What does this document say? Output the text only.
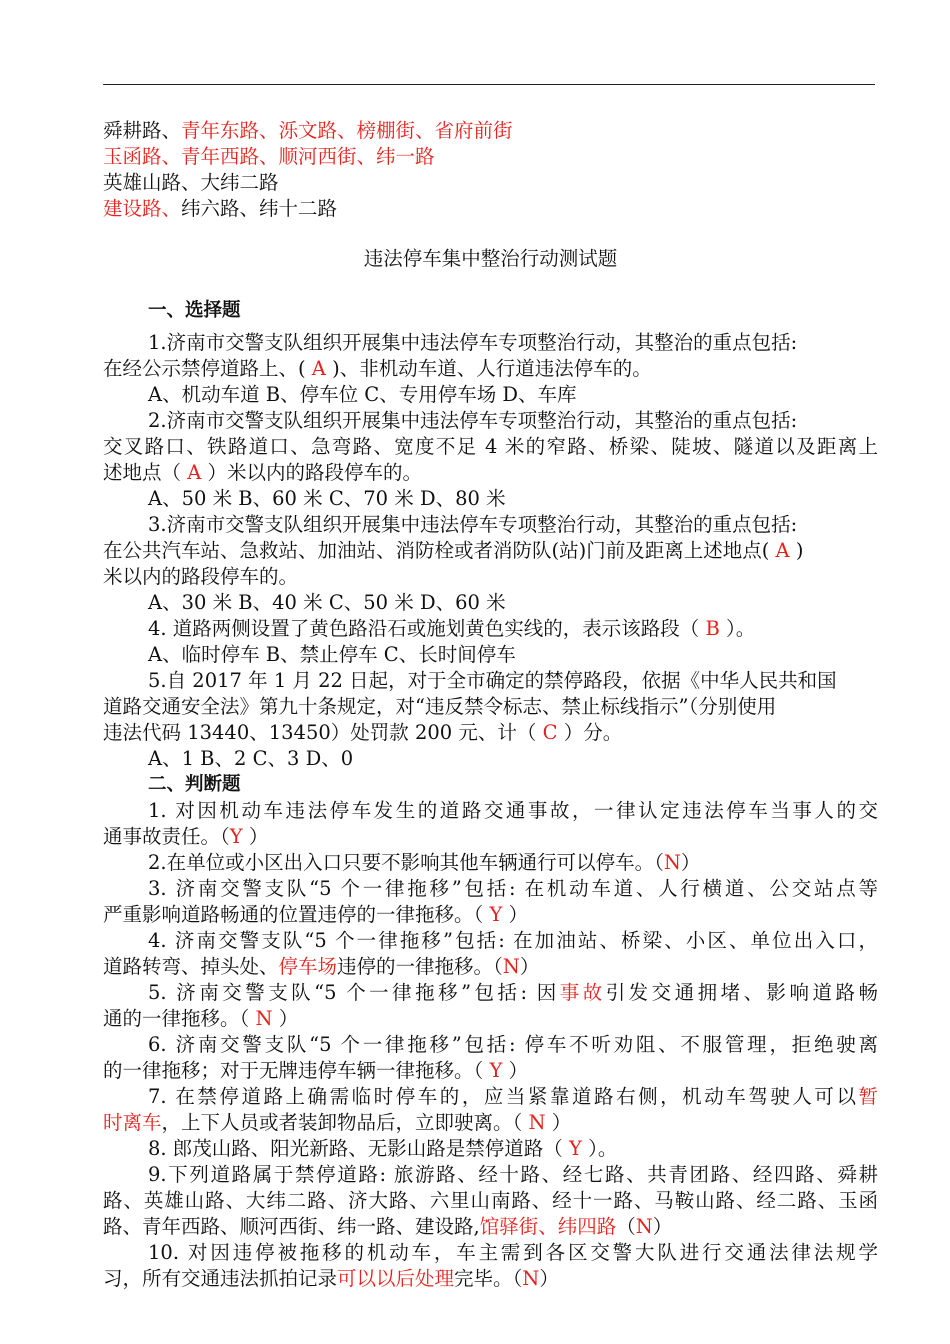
舜耕路、青年东路、泺文路、榜棚街、省府前街
玉函路、青年西路、顺河西街、纬一路
英雄山路、大纬二路
建设路、纬六路、纬十二路
违法停车集中整治行动测试题
一、选择题
二、判断题
1.济南市交警支队组织开展集中违法停车专项整治行动，其整治的重点包括:
在经公示禁停道路上、( A )、非机动车道、人行道违法停车的。
A、机动车道 B、停车位 C、专用停车场 D、车库
2.济南市交警支队组织开展集中违法停车专项整治行动，其整治的重点包括:
交叉路口、铁路道口、急弯路、宽度不足 4 米的窄路、桥梁、陡坡、隧道以及距离上
述地点（ A ）米以内的路段停车的。
A、50 米 B、60 米 C、70 米 D、80 米
3.济南市交警支队组织开展集中违法停车专项整治行动，其整治的重点包括:
在公共汽车站、急救站、加油站、消防栓或者消防队(站)门前及距离上述地点( A )
米以内的路段停车的。
A、30 米 B、40 米 C、50 米 D、60 米
4. 道路两侧设置了黄色路沿石或施划黄色实线的，表示该路段（ B ）。
A、临时停车 B、禁止停车 C、长时间停车
5.自 2017 年 1 月 22 日起，对于全市确定的禁停路段，依据《中华人民共和国
道路交通安全法》第九十条规定，对“违反禁令标志、禁止标线指示”（分别使用
违法代码 13440、13450）处罚款 200 元、计（ C ）分。
A、1 B、2 C、3 D、0
1. 对因机动车违法停车发生的道路交通事故，一律认定违法停车当事人的交
通事故责任。（Y ）
2.在单位或小区出入口只要不影响其他车辆通行可以停车。（N）
3. 济南交警支队“5 个一律拖移”包括: 在机动车道、人行横道、公交站点等
严重影响道路畅通的位置违停的一律拖移。（ Y ）
4. 济南交警支队“5 个一律拖移”包括: 在加油站、桥梁、小区、单位出入口，
道路转弯、掉头处、停车场违停的一律拖移。（N）
5. 济南交警支队“5 个一律拖移”包括: 因事故引发交通拥堵、影响道路畅
通的一律拖移。（ N ）
6. 济南交警支队“5 个一律拖移”包括: 停车不听劝阻、不服管理，拒绝驶离
的一律拖移；对于无牌违停车辆一律拖移。（ Y ）
7. 在禁停道路上确需临时停车的，应当紧靠道路右侧，机动车驾驶人可以暂
时离车，上下人员或者装卸物品后，立即驶离。（ N ）
8. 郎茂山路、阳光新路、无影山路是禁停道路（ Y ）。
9.下列道路属于禁停道路: 旅游路、经十路、经七路、共青团路、经四路、舜耕
路、英雄山路、大纬二路、济大路、六里山南路、经十一路、马鞍山路、经二路、玉函
路、青年西路、顺河西街、纬一路、建设路,馆驿街、纬四路（N）
10. 对因违停被拖移的机动车，车主需到各区交警大队进行交通法律法规学
习，所有交通违法抓拍记录可以以后处理完毕。（N）
